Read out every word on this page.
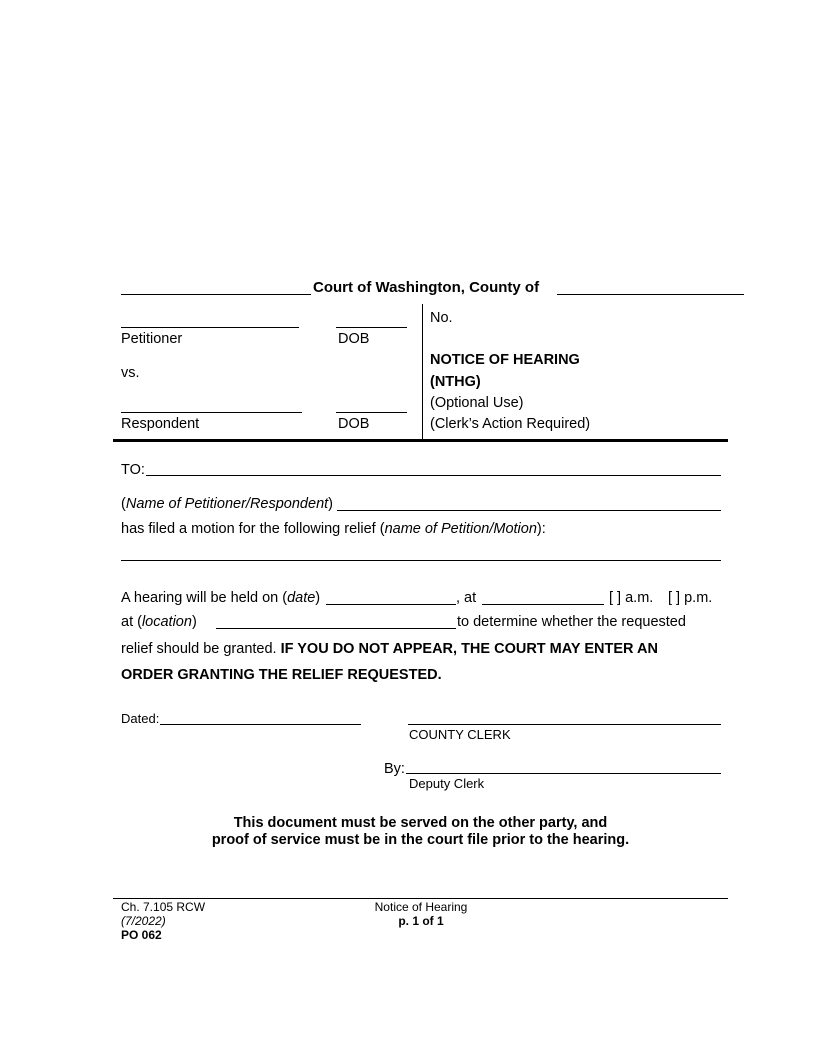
Court of Washington, County of
Petitioner	DOB
vs.
Respondent	DOB
No.
NOTICE OF HEARING
(NTHG)
(Optional Use)
(Clerk’s Action Required)
TO:
(Name of Petitioner/Respondent)
has filed a motion for the following relief (name of Petition/Motion):
A hearing will be held on (date)	, at	[ ] a.m. [ ] p.m.
at (location)	to determine whether the requested
relief should be granted. IF YOU DO NOT APPEAR, THE COURT MAY ENTER AN
ORDER GRANTING THE RELIEF REQUESTED.
Dated:
COUNTY CLERK
By:
Deputy Clerk
This document must be served on the other party, and
proof of service must be in the court file prior to the hearing.
Ch. 7.105 RCW
(7/2022)
PO 062
Notice of Hearing
p. 1 of 1
